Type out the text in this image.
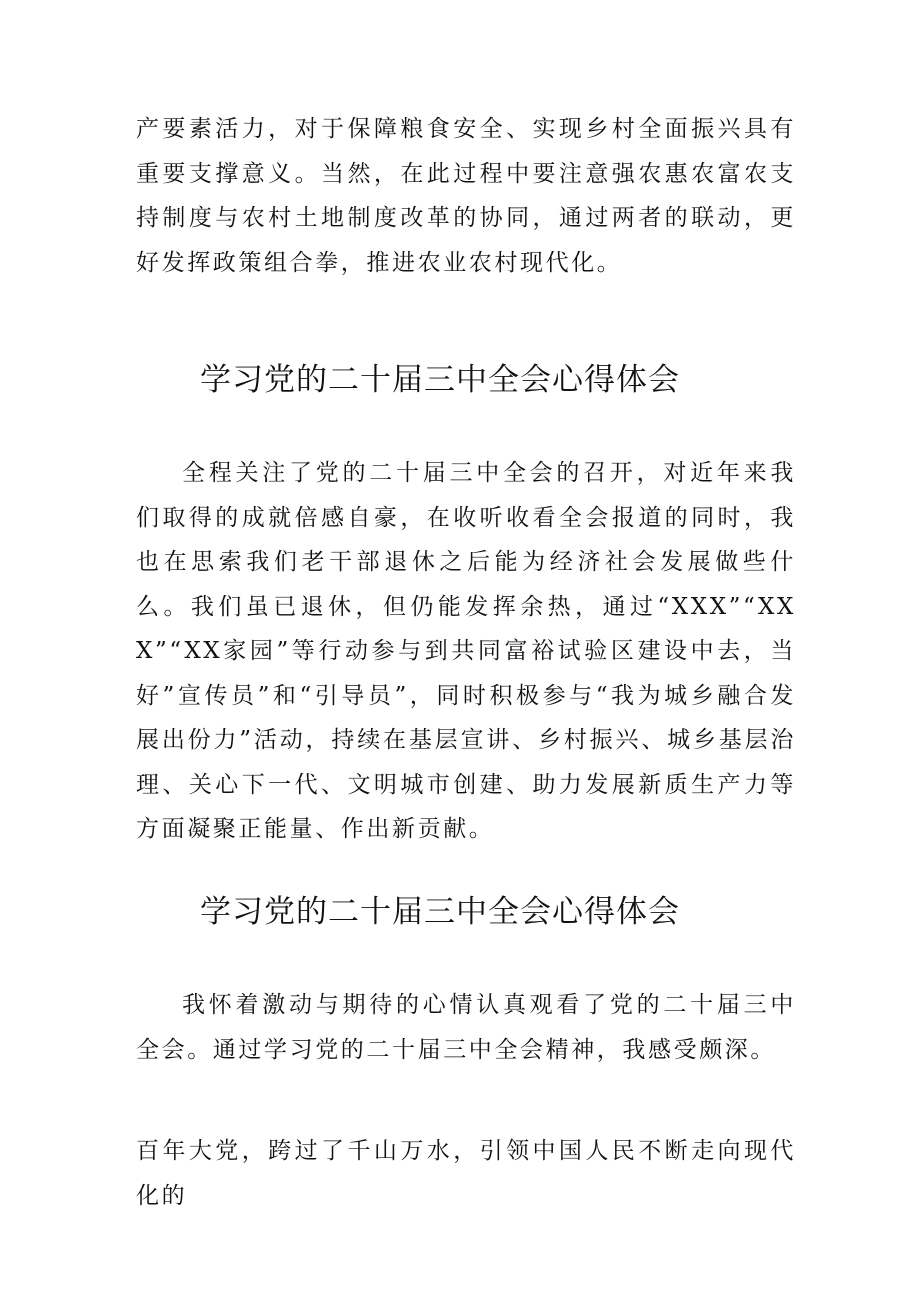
产要素活力，对于保障粮食安全、实现乡村全面振兴具有重要支撑意义。当然，在此过程中要注意强农惠农富农支持制度与农村土地制度改革的协同，通过两者的联动，更好发挥政策组合拳，推进农业农村现代化。

学习党的二十届三中全会心得体会

全程关注了党的二十届三中全会的召开，对近年来我们取得的成就倍感自豪，在收听收看全会报道的同时，我也在思索我们老干部退休之后能为经济社会发展做些什么。我们虽已退休，但仍能发挥余热，通过“XXX”“XXX”“XX家园”等行动参与到共同富裕试验区建设中去，当好”宣传员”和“引导员”，同时积极参与“我为城乡融合发展出份力”活动，持续在基层宣讲、乡村振兴、城乡基层治理、关心下一代、文明城市创建、助力发展新质生产力等方面凝聚正能量、作出新贡献。

学习党的二十届三中全会心得体会

我怀着激动与期待的心情认真观看了党的二十届三中全会。通过学习党的二十届三中全会精神，我感受颇深。

百年大党，跨过了千山万水，引领中国人民不断走向现代化的
